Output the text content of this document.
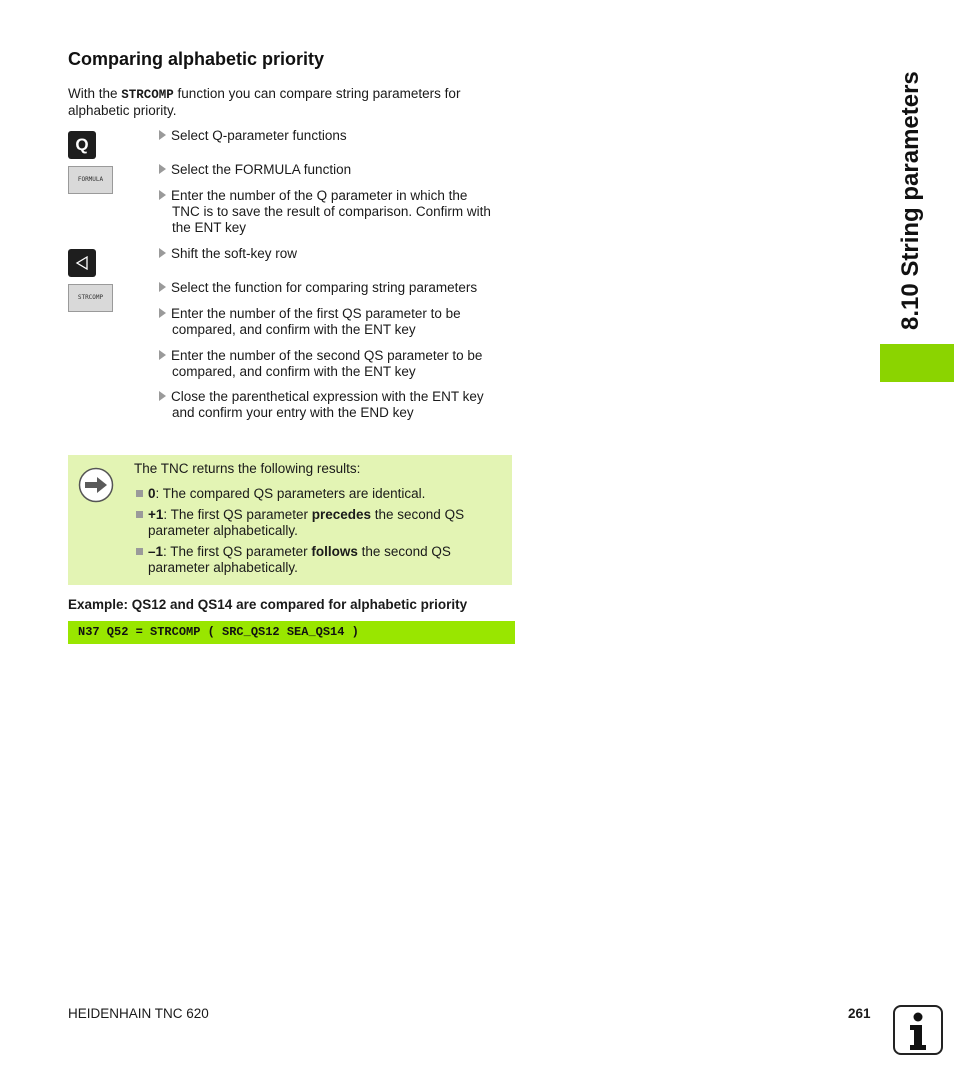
Comparing alphabetic priority
With the STRCOMP function you can compare string parameters for alphabetic priority.
Q
FORMULA
STRCOMP
Select Q-parameter functions
Select the FORMULA function
Enter the number of the Q parameter in which the
TNC is to save the result of comparison. Confirm with
the ENT key
Shift the soft-key row
Select the function for comparing string parameters
Enter the number of the first QS parameter to be
compared, and confirm with the ENT key
Enter the number of the second QS parameter to be
compared, and confirm with the ENT key
Close the parenthetical expression with the ENT key
and confirm your entry with the END key
The TNC returns the following results:
0: The compared QS parameters are identical.
+1: The first QS parameter precedes the second QS
parameter alphabetically.
–1: The first QS parameter follows the second QS
parameter alphabetically.
Example: QS12 and QS14 are compared for alphabetic priority
N37 Q52 = STRCOMP ( SRC_QS12 SEA_QS14 )
8.10 String parameters
HEIDENHAIN TNC 620	261
